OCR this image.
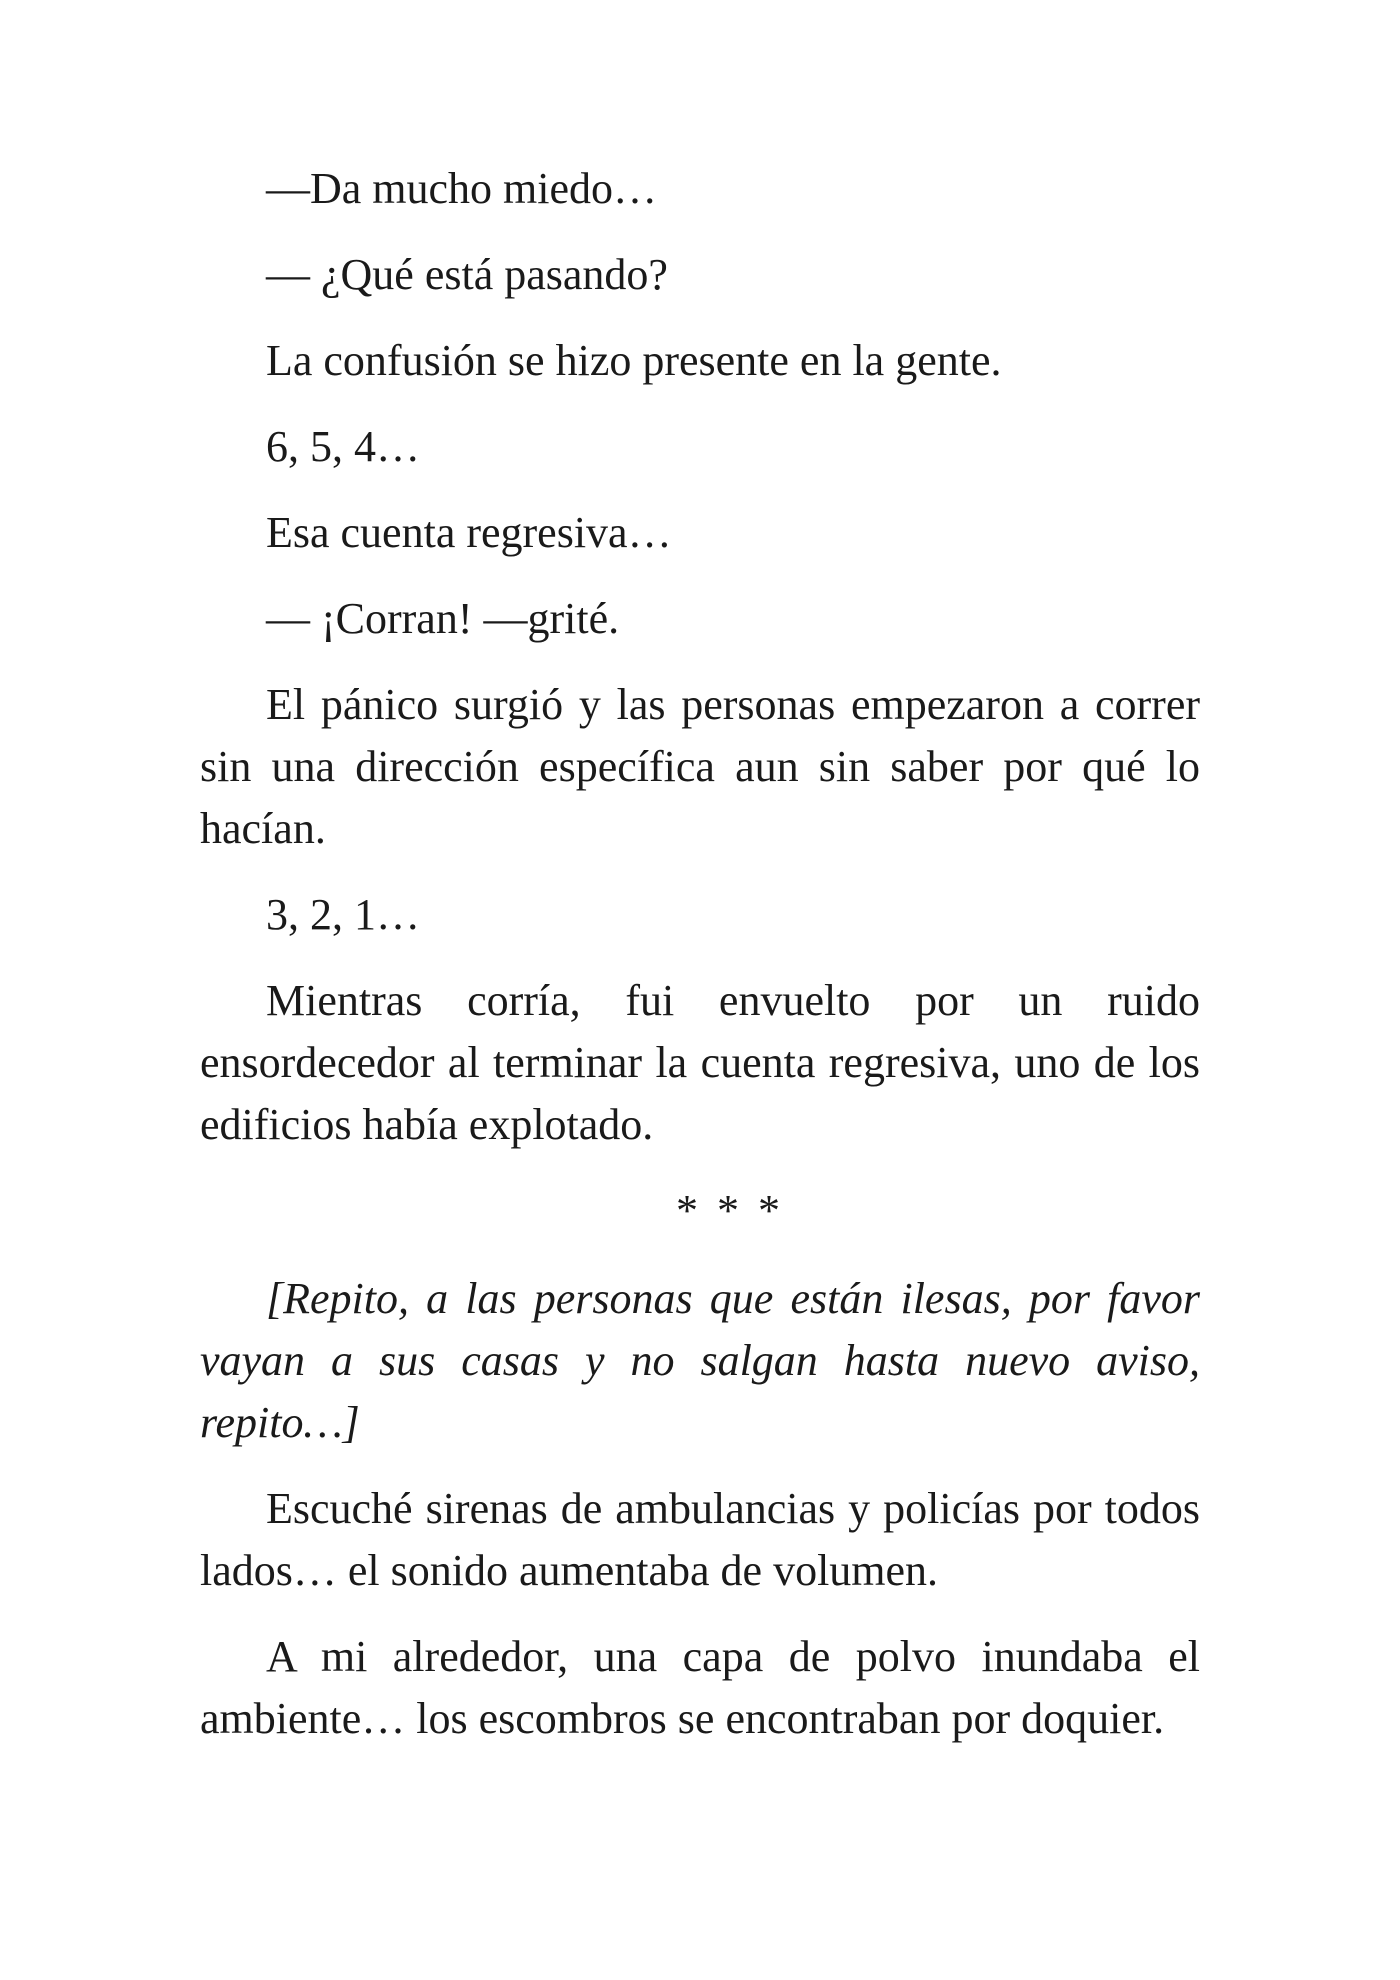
—Da mucho miedo…

— ¿Qué está pasando?

La confusión se hizo presente en la gente.

6, 5, 4…

Esa cuenta regresiva…

— ¡Corran! —grité.

El pánico surgió y las personas empezaron a correr sin una dirección específica aun sin saber por qué lo hacían.

3, 2, 1…

Mientras corría, fui envuelto por un ruido ensordecedor al terminar la cuenta regresiva, uno de los edificios había explotado.

* * *

[Repito, a las personas que están ilesas, por favor vayan a sus casas y no salgan hasta nuevo aviso, repito…]

Escuché sirenas de ambulancias y policías por todos lados… el sonido aumentaba de volumen.

A mi alrededor, una capa de polvo inundaba el ambiente… los escombros se encontraban por doquier.
